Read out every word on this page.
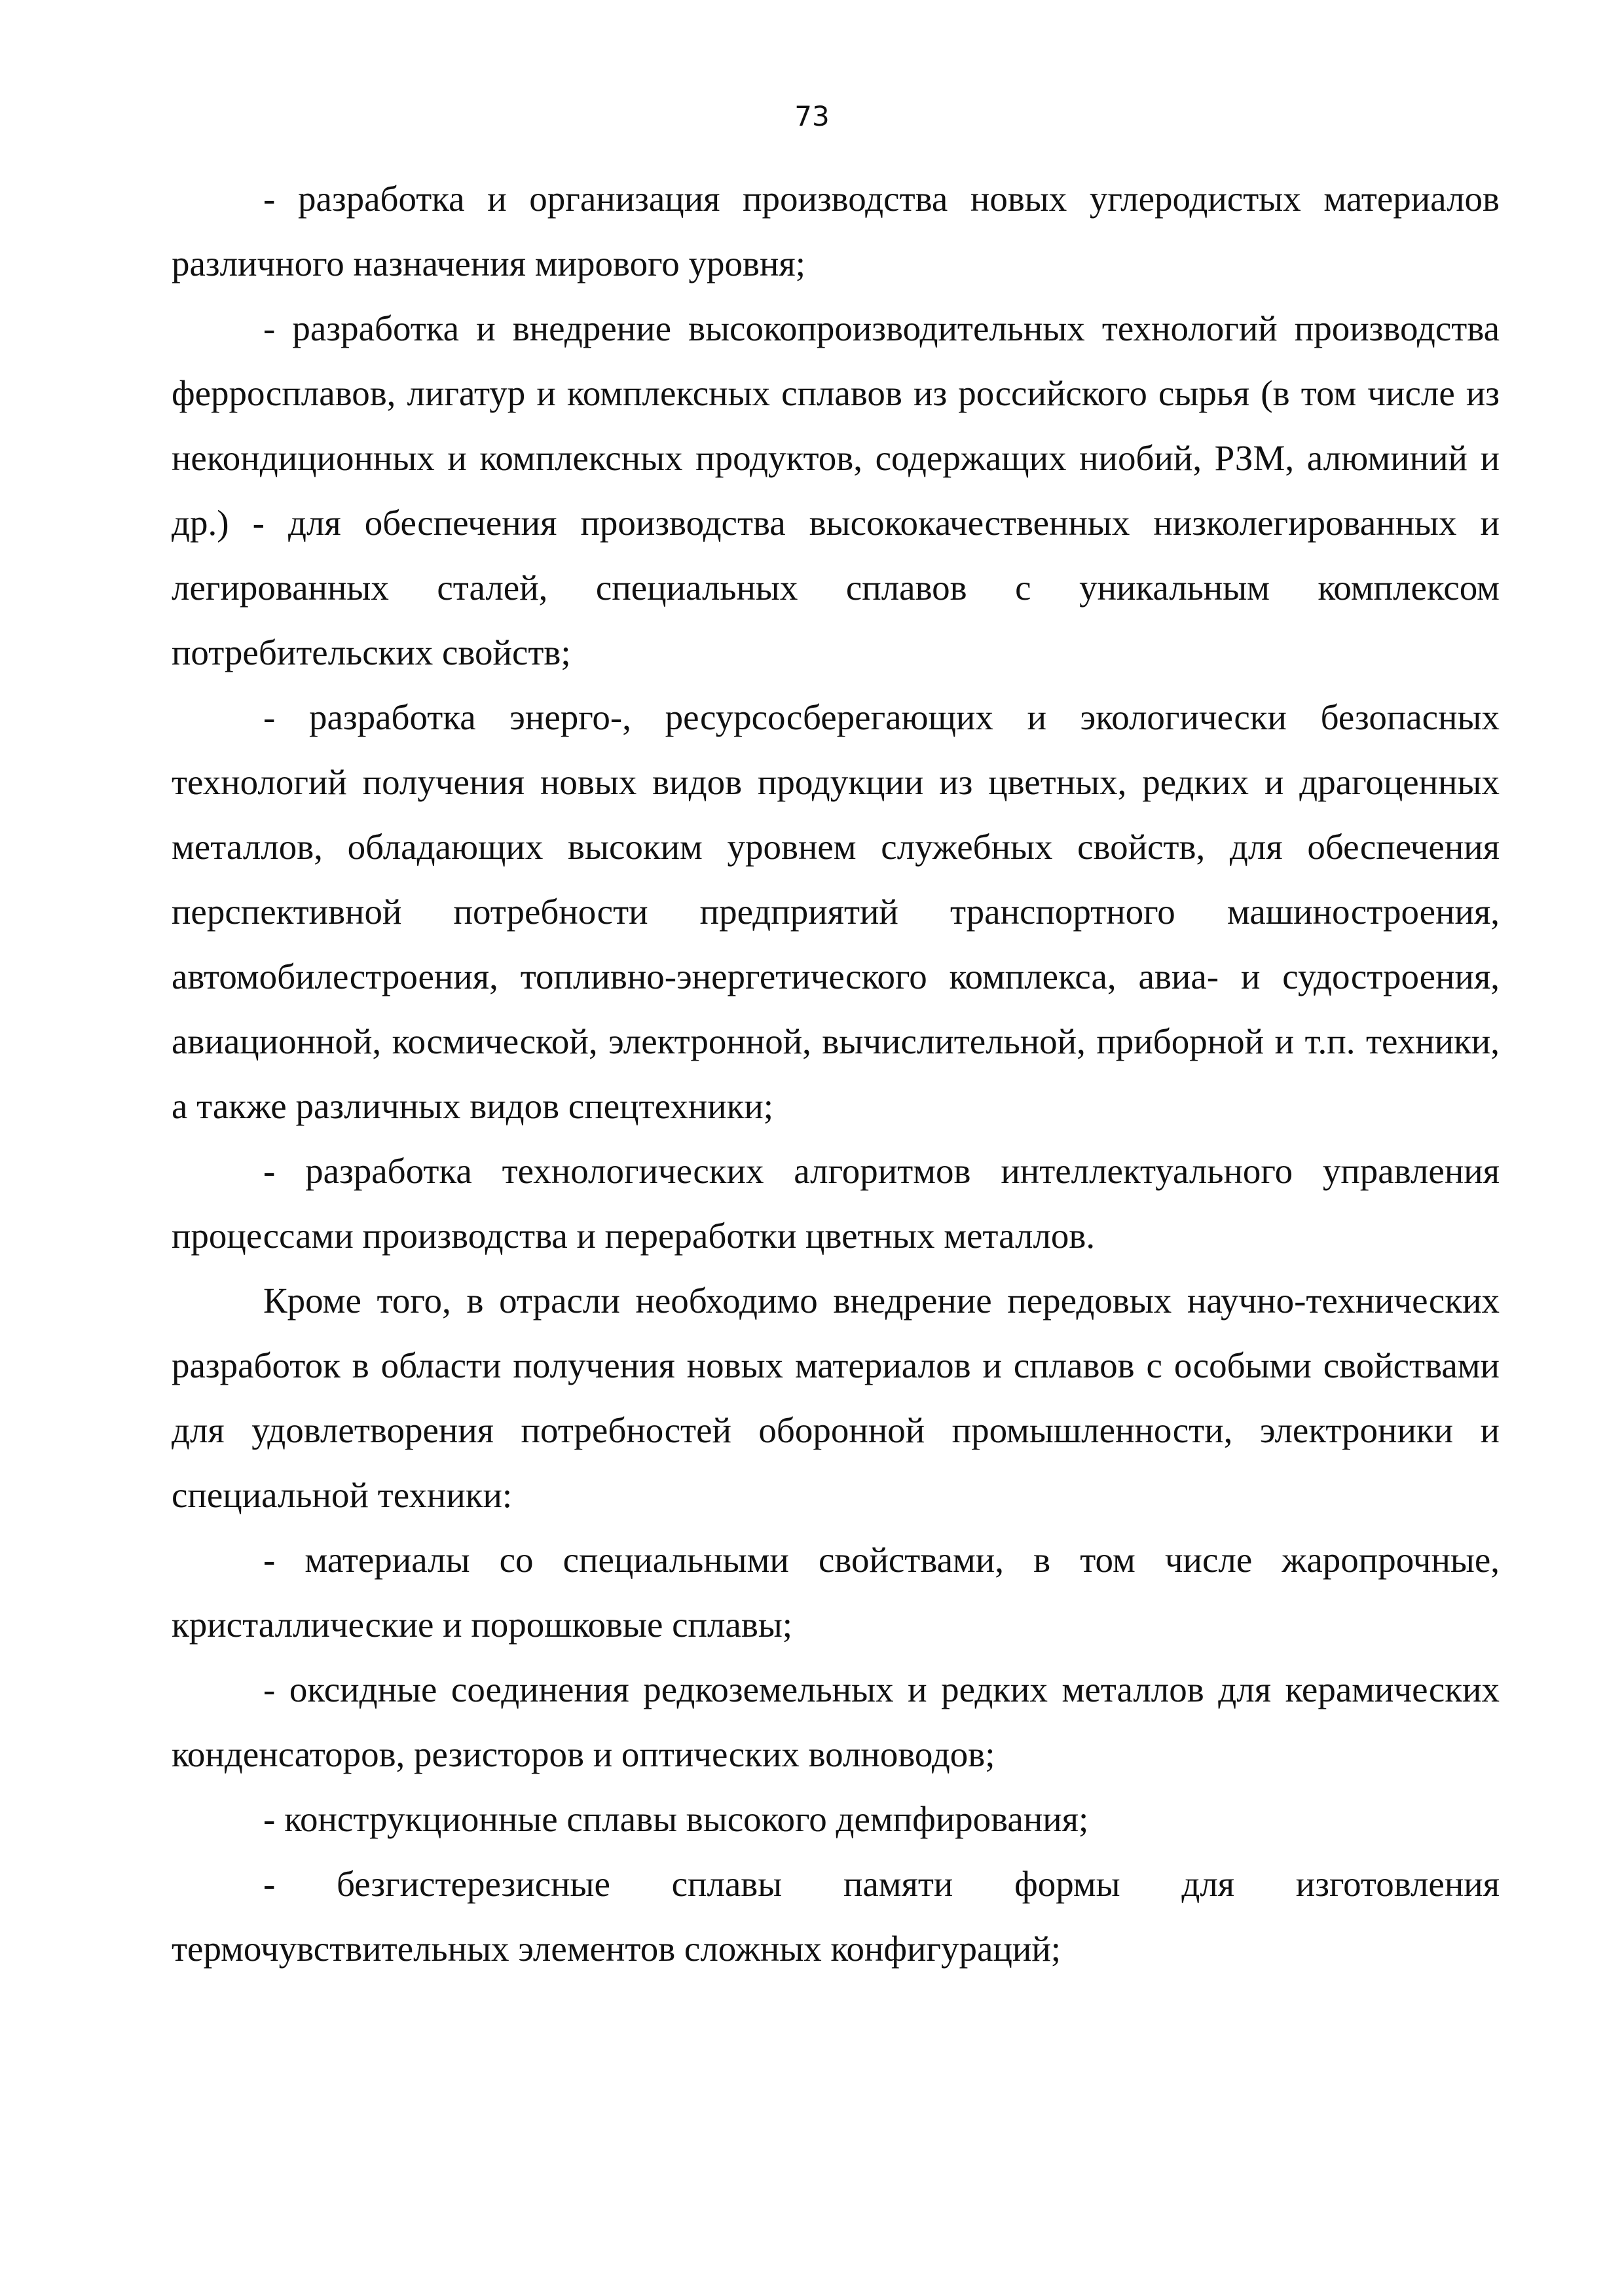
73

- разработка и организация производства новых углеродистых материалов различного назначения мирового уровня;

- разработка и внедрение высокопроизводительных технологий производства ферросплавов, лигатур и комплексных сплавов из российского сырья (в том числе из некондиционных и комплексных продуктов, содержащих ниобий, РЗМ, алюминий и др.) - для обеспечения производства высококачественных низколегированных и легированных сталей, специальных сплавов с уникальным комплексом потребительских свойств;

- разработка энерго-, ресурсосберегающих и экологически безопасных технологий получения новых видов продукции из цветных, редких и драгоценных металлов, обладающих высоким уровнем служебных свойств, для обеспечения перспективной потребности предприятий транспортного машиностроения, автомобилестроения, топливно-энергетического комплекса, авиа- и судостроения, авиационной, космической, электронной, вычислительной, приборной и т.п. техники, а также различных видов спецтехники;

- разработка технологических алгоритмов интеллектуального управления процессами производства и переработки цветных металлов.

Кроме того, в отрасли необходимо внедрение передовых научно-технических разработок в области получения новых материалов и сплавов с особыми свойствами для удовлетворения потребностей оборонной промышленности, электроники и специальной техники:

- материалы со специальными свойствами, в том числе жаропрочные, кристаллические и порошковые сплавы;

- оксидные соединения редкоземельных и редких металлов для керамических конденсаторов, резисторов и оптических волноводов;

- конструкционные сплавы высокого демпфирования;

- безгистерезисные сплавы памяти формы для изготовления термочувствительных элементов сложных конфигураций;
